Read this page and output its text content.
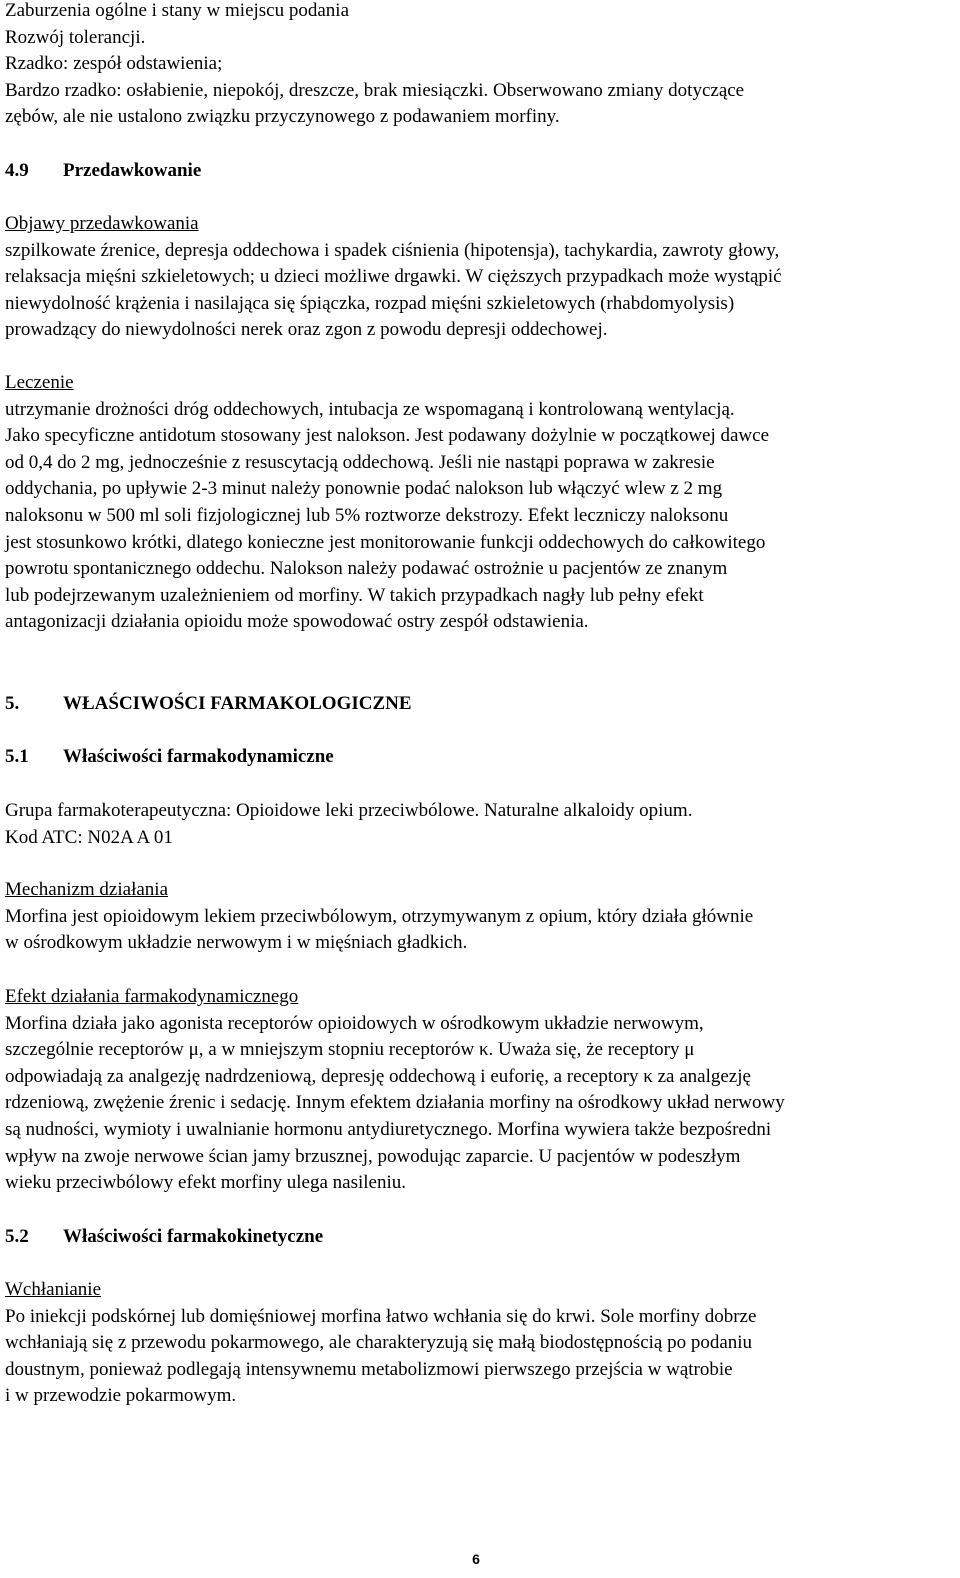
Zaburzenia ogólne i stany w miejscu podania

Rozwój tolerancji.

Rzadko: zespół odstawienia;

Bardzo rzadko: osłabienie, niepokój, dreszcze, brak miesiączki. Obserwowano zmiany dotyczące

zębów, ale nie ustalono związku przyczynowego z podawaniem morfiny.

4.9 Przedawkowanie

Objawy przedawkowania

szpilkowate źrenice, depresja oddechowa i spadek ciśnienia (hipotensja), tachykardia, zawroty głowy,

relaksacja mięśni szkieletowych; u dzieci możliwe drgawki. W cięższych przypadkach może wystąpić

niewydolność krążenia i nasilająca się śpiączka, rozpad mięśni szkieletowych (rhabdomyolysis)

prowadzący do niewydolności nerek oraz zgon z powodu depresji oddechowej.

Leczenie

utrzymanie drożności dróg oddechowych, intubacja ze wspomaganą i kontrolowaną wentylacją.

Jako specyficzne antidotum stosowany jest nalokson. Jest podawany dożylnie w początkowej dawce

od 0,4 do 2 mg, jednocześnie z resuscytacją oddechową. Jeśli nie nastąpi poprawa w zakresie

oddychania, po upływie 2-3 minut należy ponownie podać nalokson lub włączyć wlew z 2 mg

naloksonu w 500 ml soli fizjologicznej lub 5% roztworze dekstrozy. Efekt leczniczy naloksonu

jest stosunkowo krótki, dlatego konieczne jest monitorowanie funkcji oddechowych do całkowitego

powrotu spontanicznego oddechu. Nalokson należy podawać ostrożnie u pacjentów ze znanym

lub podejrzewanym uzależnieniem od morfiny. W takich przypadkach nagły lub pełny efekt

antagonizacji działania opioidu może spowodować ostry zespół odstawienia.

5. WŁAŚCIWOŚCI FARMAKOLOGICZNE
5.1 Właściwości farmakodynamiczne

Grupa farmakoterapeutyczna: Opioidowe leki przeciwbólowe. Naturalne alkaloidy opium.

Kod ATC: N02A A 01

Mechanizm działania

Morfina jest opioidowym lekiem przeciwbólowym, otrzymywanym z opium, który działa głównie

w ośrodkowym układzie nerwowym i w mięśniach gładkich.

Efekt działania farmakodynamicznego

Morfina działa jako agonista receptorów opioidowych w ośrodkowym układzie nerwowym,

szczególnie receptorów μ, a w mniejszym stopniu receptorów κ. Uważa się, że receptory μ

odpowiadają za analgezję nadrdzeniową, depresję oddechową i euforię, a receptory κ za analgezję

rdzeniową, zwężenie źrenic i sedację. Innym efektem działania morfiny na ośrodkowy układ nerwowy

są nudności, wymioty i uwalnianie hormonu antydiuretycznego. Morfina wywiera także bezpośredni

wpływ na zwoje nerwowe ścian jamy brzusznej, powodując zaparcie. U pacjentów w podeszłym

wieku przeciwbólowy efekt morfiny ulega nasileniu.

5.2 Właściwości farmakokinetyczne

Wchłanianie

Po iniekcji podskórnej lub domięśniowej morfina łatwo wchłania się do krwi. Sole morfiny dobrze

wchłaniają się z przewodu pokarmowego, ale charakteryzują się małą biodostępnością po podaniu

doustnym, ponieważ podlegają intensywnemu metabolizmowi pierwszego przejścia w wątrobie

i w przewodzie pokarmowym.

6
